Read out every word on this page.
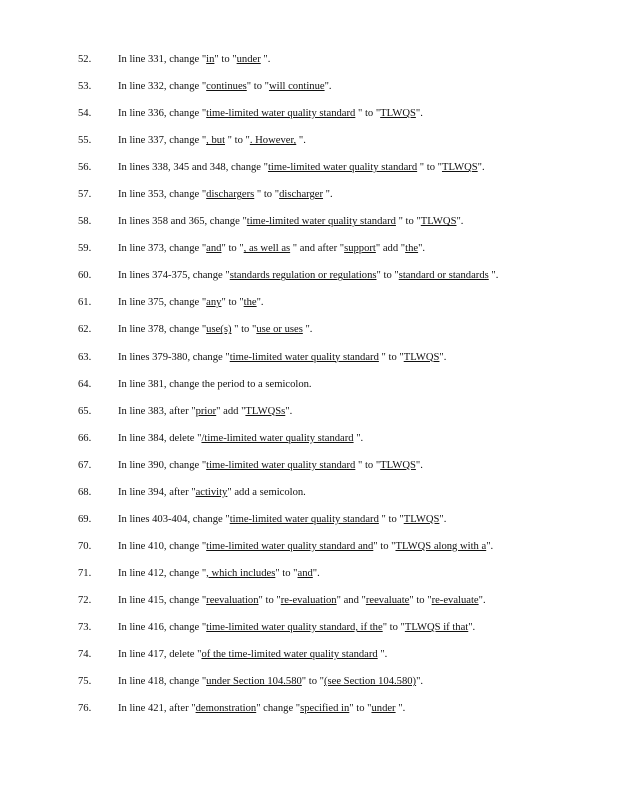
52.	In line 331, change "in" to "under ".
53.	In line 332, change "continues" to "will continue".
54.	In line 336, change "time-limited water quality standard " to "TLWQS".
55.	In line 337, change ", but " to ". However, ".
56.	In lines 338, 345 and 348, change "time-limited water quality standard " to "TLWQS".
57.	In line 353, change "dischargers " to "discharger ".
58.	In lines 358 and 365, change "time-limited water quality standard " to "TLWQS".
59.	In line 373, change "and" to ", as well as " and after "support" add "the".
60.	In lines 374-375, change "standards regulation or regulations" to "standard or standards ".
61.	In line 375, change "any" to "the".
62.	In line 378, change "use(s) " to "use or uses ".
63.	In lines 379-380, change "time-limited water quality standard " to "TLWQS".
64.	In line 381, change the period to a semicolon.
65.	In line 383, after "prior" add "TLWQSs".
66.	In line 384, delete "/time-limited water quality standard ".
67.	In line 390, change "time-limited water quality standard " to "TLWQS".
68.	In line 394, after "activity" add a semicolon.
69.	In lines 403-404, change "time-limited water quality standard " to "TLWQS".
70.	In line 410, change "time-limited water quality standard and" to "TLWQS along with a".
71.	In line 412, change ", which includes" to "and".
72.	In line 415, change "reevaluation" to "re-evaluation" and "reevaluate" to "re-evaluate".
73.	In line 416, change "time-limited water quality standard, if the" to "TLWQS if that".
74.	In line 417, delete "of the time-limited water quality standard ".
75.	In line 418, change "under Section 104.580" to "(see Section 104.580)".
76.	In line 421, after "demonstration" change "specified in" to "under ".
